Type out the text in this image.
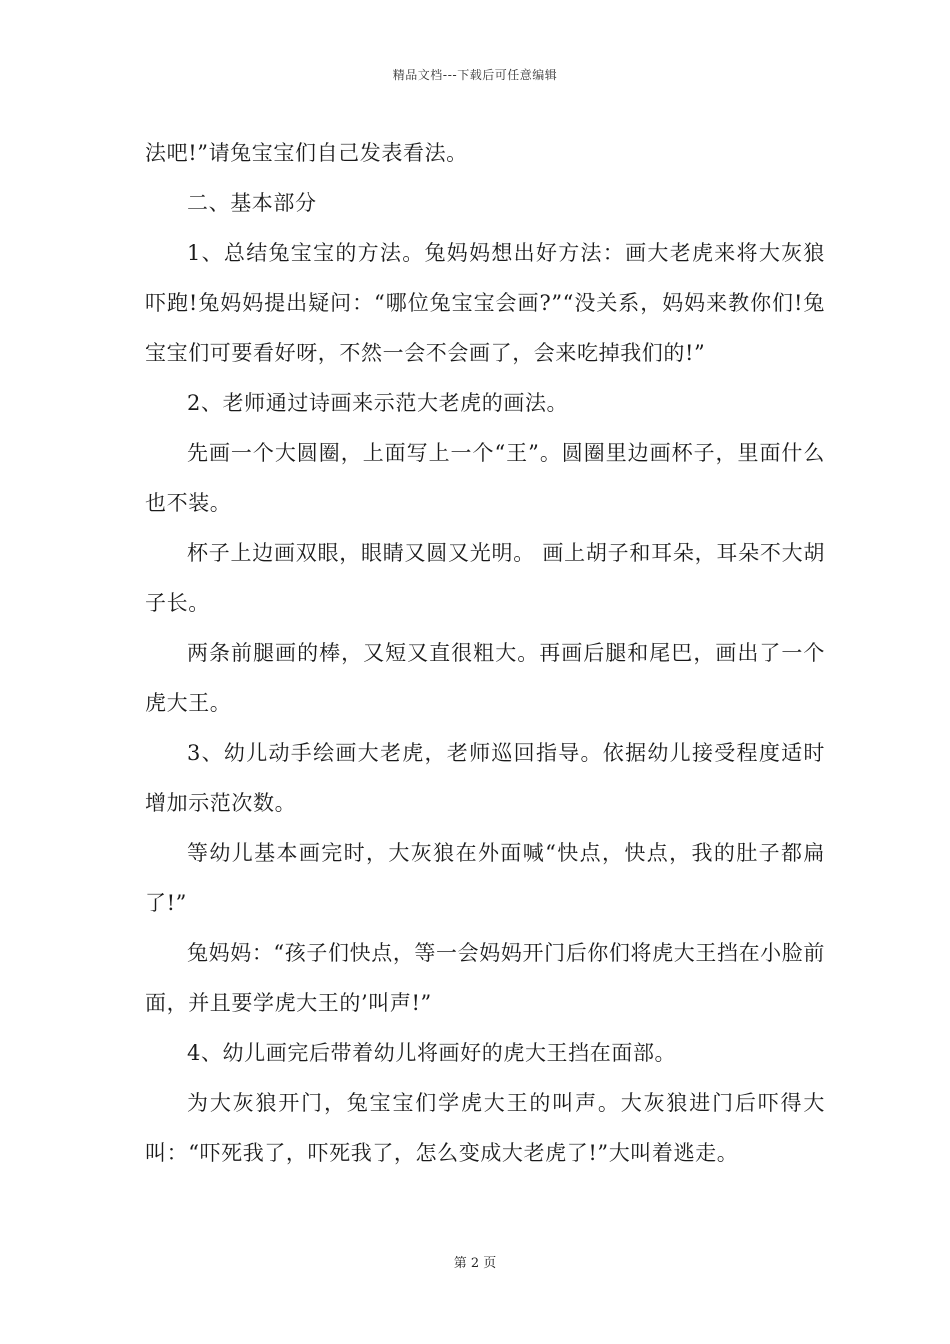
精品文档---下载后可任意编辑

法吧!”请兔宝宝们自己发表看法。

二、基本部分

1、总结兔宝宝的方法。兔妈妈想出好方法：画大老虎来将大灰狼吓跑!兔妈妈提出疑问：“哪位兔宝宝会画?”“没关系，妈妈来教你们!兔宝宝们可要看好呀，不然一会不会画了，会来吃掉我们的!”

2、老师通过诗画来示范大老虎的画法。

先画一个大圆圈，上面写上一个“王”。圆圈里边画杯子，里面什么也不装。

杯子上边画双眼，眼睛又圆又光明。 画上胡子和耳朵，耳朵不大胡子长。

两条前腿画的棒，又短又直很粗大。再画后腿和尾巴，画出了一个虎大王。

3、幼儿动手绘画大老虎，老师巡回指导。依据幼儿接受程度适时增加示范次数。

等幼儿基本画完时，大灰狼在外面喊“快点，快点，我的肚子都扁了!”

兔妈妈：“孩子们快点，等一会妈妈开门后你们将虎大王挡在小脸前面，并且要学虎大王的’叫声!”

4、幼儿画完后带着幼儿将画好的虎大王挡在面部。

为大灰狼开门，兔宝宝们学虎大王的叫声。大灰狼进门后吓得大叫：“吓死我了，吓死我了，怎么变成大老虎了!”大叫着逃走。

第 2 页
